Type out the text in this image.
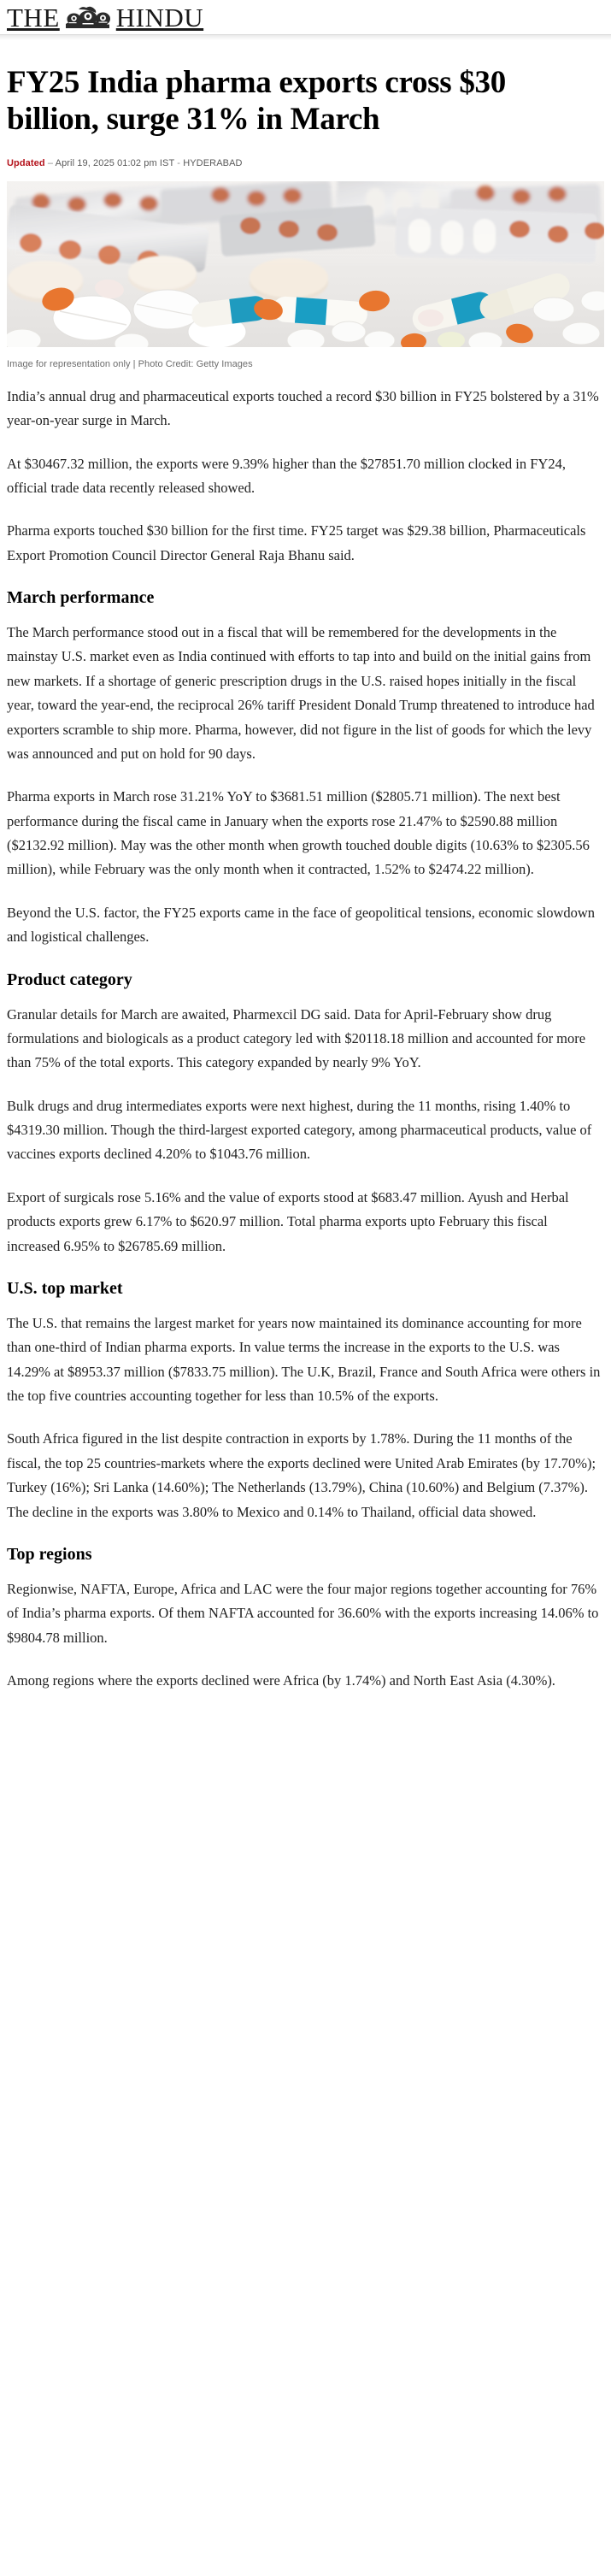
THE HINDU
FY25 India pharma exports cross $30 billion, surge 31% in March
Updated – April 19, 2025 01:02 pm IST - HYDERABAD
Image for representation only | Photo Credit: Getty Images

India’s annual drug and pharmaceutical exports touched a record $30 billion in FY25 bolstered by a 31% year-on-year surge in March.

At $30467.32 million, the exports were 9.39% higher than the $27851.70 million clocked in FY24, official trade data recently released showed.

Pharma exports touched $30 billion for the first time. FY25 target was $29.38 billion, Pharmaceuticals Export Promotion Council Director General Raja Bhanu said.

March performance

The March performance stood out in a fiscal that will be remembered for the developments in the mainstay U.S. market even as India continued with efforts to tap into and build on the initial gains from new markets. If a shortage of generic prescription drugs in the U.S. raised hopes initially in the fiscal year, toward the year-end, the reciprocal 26% tariff President Donald Trump threatened to introduce had exporters scramble to ship more. Pharma, however, did not figure in the list of goods for which the levy was announced and put on hold for 90 days.

Pharma exports in March rose 31.21% YoY to $3681.51 million ($2805.71 million). The next best performance during the fiscal came in January when the exports rose 21.47% to $2590.88 million ($2132.92 million). May was the other month when growth touched double digits (10.63% to $2305.56 million), while February was the only month when it contracted, 1.52% to $2474.22 million).

Beyond the U.S. factor, the FY25 exports came in the face of geopolitical tensions, economic slowdown and logistical challenges.

Product category

Granular details for March are awaited, Pharmexcil DG said. Data for April-February show drug formulations and biologicals as a product category led with $20118.18 million and accounted for more than 75% of the total exports. This category expanded by nearly 9% YoY.

Bulk drugs and drug intermediates exports were next highest, during the 11 months, rising 1.40% to $4319.30 million. Though the third-largest exported category, among pharmaceutical products, value of vaccines exports declined 4.20% to $1043.76 million.

Export of surgicals rose 5.16% and the value of exports stood at $683.47 million. Ayush and Herbal products exports grew 6.17% to $620.97 million. Total pharma exports upto February this fiscal increased 6.95% to $26785.69 million.

U.S. top market

The U.S. that remains the largest market for years now maintained its dominance accounting for more than one-third of Indian pharma exports. In value terms the increase in the exports to the U.S. was 14.29% at $8953.37 million ($7833.75 million). The U.K, Brazil, France and South Africa were others in the top five countries accounting together for less than 10.5% of the exports.

South Africa figured in the list despite contraction in exports by 1.78%. During the 11 months of the fiscal, the top 25 countries-markets where the exports declined were United Arab Emirates (by 17.70%); Turkey (16%); Sri Lanka (14.60%); The Netherlands (13.79%), China (10.60%) and Belgium (7.37%). The decline in the exports was 3.80% to Mexico and 0.14% to Thailand, official data showed.

Top regions

Regionwise, NAFTA, Europe, Africa and LAC were the four major regions together accounting for 76% of India’s pharma exports. Of them NAFTA accounted for 36.60% with the exports increasing 14.06% to $9804.78 million.

Among regions where the exports declined were Africa (by 1.74%) and North East Asia (4.30%).
